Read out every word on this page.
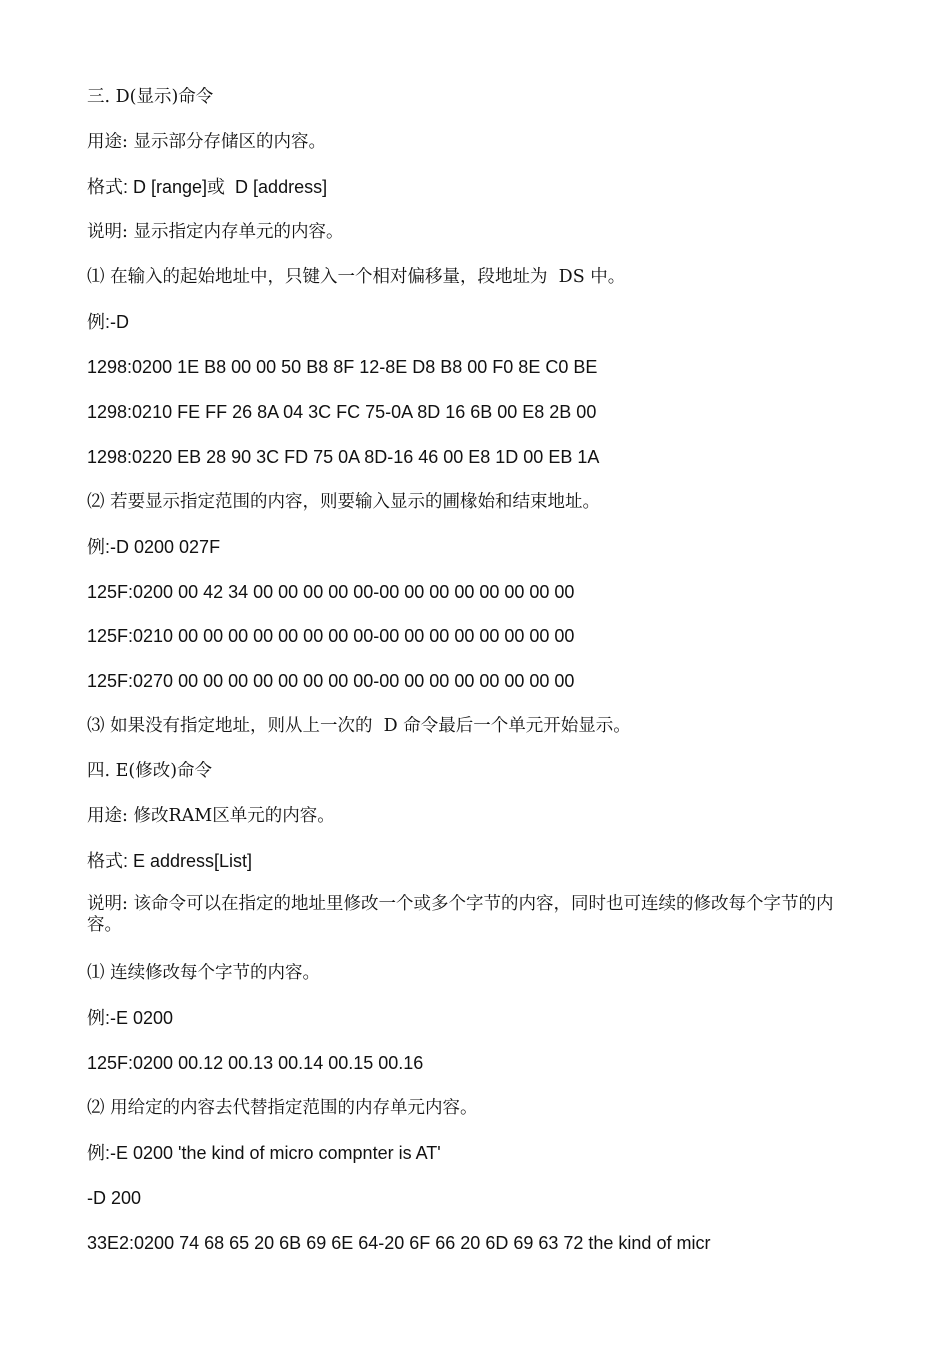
三. D(显示)命令

用途: 显示部分存储区的内容。

格式: D [range]或  D [address]

说明: 显示指定内存单元的内容。

⑴ 在输入的起始地址中，只键入一个相对偏移量，段地址为  DS 中。

例:-D

1298:0200 1E B8 00 00 50 B8 8F 12-8E D8 B8 00 F0 8E C0 BE

1298:0210 FE FF 26 8A 04 3C FC 75-0A 8D 16 6B 00 E8 2B 00

1298:0220 EB 28 90 3C FD 75 0A 8D-16 46 00 E8 1D 00 EB 1A

⑵ 若要显示指定范围的内容，则要输入显示的圃椽始和结束地址。

例:-D 0200 027F

125F:0200 00 42 34 00 00 00 00 00-00 00 00 00 00 00 00 00

125F:0210 00 00 00 00 00 00 00 00-00 00 00 00 00 00 00 00

125F:0270 00 00 00 00 00 00 00 00-00 00 00 00 00 00 00 00

⑶ 如果没有指定地址，则从上一次的  D 命令最后一个单元开始显示。

四. E(修改)命令

用途: 修改RAM区单元的内容。

格式: E address[List]

说明: 该命令可以在指定的地址里修改一个或多个字节的内容，同时也可连续的修改每个字节的内容。

⑴ 连续修改每个字节的内容。

例:-E 0200

125F:0200 00.12 00.13 00.14 00.15 00.16

⑵ 用给定的内容去代替指定范围的内存单元内容。

例:-E 0200 'the kind of micro compnter is AT'

-D 200

33E2:0200 74 68 65 20 6B 69 6E 64-20 6F 66 20 6D 69 63 72 the kind of micr
